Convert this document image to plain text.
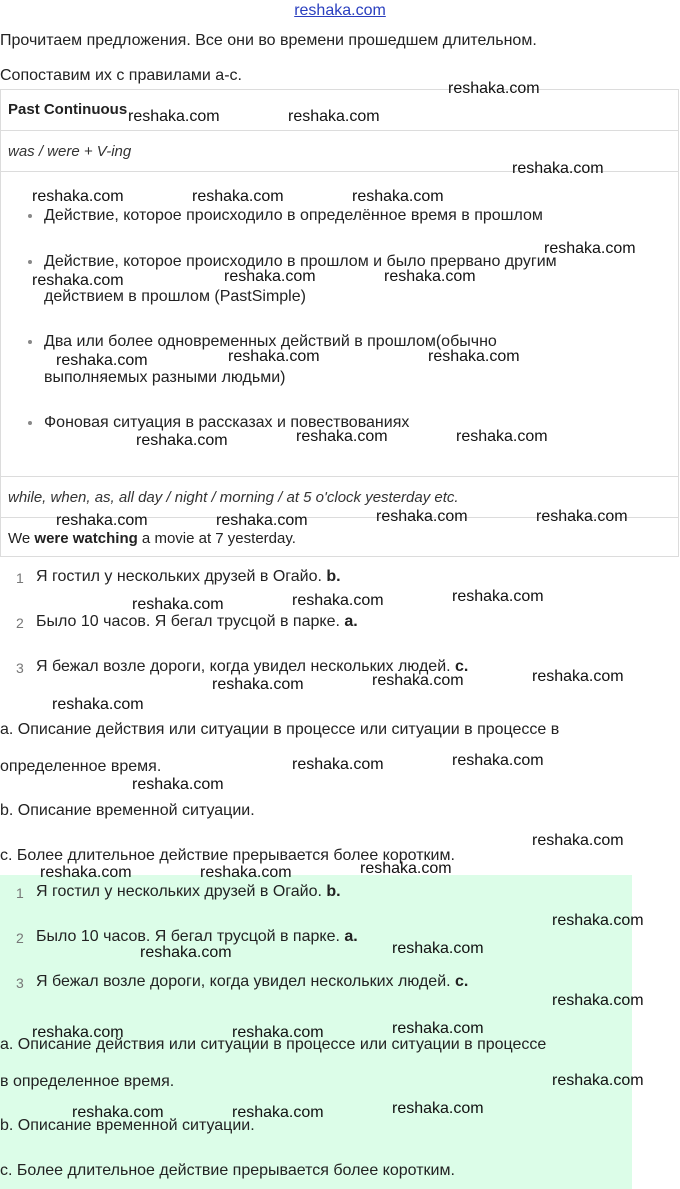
reshaka.com
Прочитаем предложения. Все они во времени прошедшем длительном.
Сопоставим их с правилами а-с.
Past Continuous
was / were + V-ing
Действие, которое происходило в определённое время в прошлом
Действие, которое происходило в прошлом и было прервано другим
действием в прошлом (PastSimple)
Два или более одновременных действий в прошлом(обычно
выполняемых разными людьми)
Фоновая ситуация в рассказах и повествованиях
while, when, as, all day / night / morning / at 5 o'clock yesterday etc.
We were watching a movie at 7 yesterday.
1 Я гостил у нескольких друзей в Огайо. b.
2 Было 10 часов. Я бегал трусцой в парке. a.
3 Я бежал возле дороги, когда увидел нескольких людей. c.
a. Описание действия или ситуации в процессе или ситуации в процессе в
определенное время.
b. Описание временной ситуации.
c. Более длительное действие прерывается более коротким.
1 Я гостил у нескольких друзей в Огайо. b.
2 Было 10 часов. Я бегал трусцой в парке. a.
3 Я бежал возле дороги, когда увидел нескольких людей. c.
a. Описание действия или ситуации в процессе или ситуации в процессе
в определенное время.
b. Описание временной ситуации.
c. Более длительное действие прерывается более коротким.
reshaka.com
reshaka.com	reshaka.com
reshaka.com
reshaka.com	reshaka.com	reshaka.com
reshaka.com
reshaka.com	reshaka.com	reshaka.com
reshaka.com	reshaka.com	reshaka.com
reshaka.com	reshaka.com	reshaka.com
reshaka.com	reshaka.com	reshaka.com	reshaka.com
reshaka.com	reshaka.com	reshaka.com
reshaka.com	reshaka.com	reshaka.com
reshaka.com
reshaka.com	reshaka.com
reshaka.com
reshaka.com
reshaka.com	reshaka.com	reshaka.com
reshaka.com
reshaka.com	reshaka.com
reshaka.com
reshaka.com	reshaka.com	reshaka.com
reshaka.com
reshaka.com	reshaka.com	reshaka.com
